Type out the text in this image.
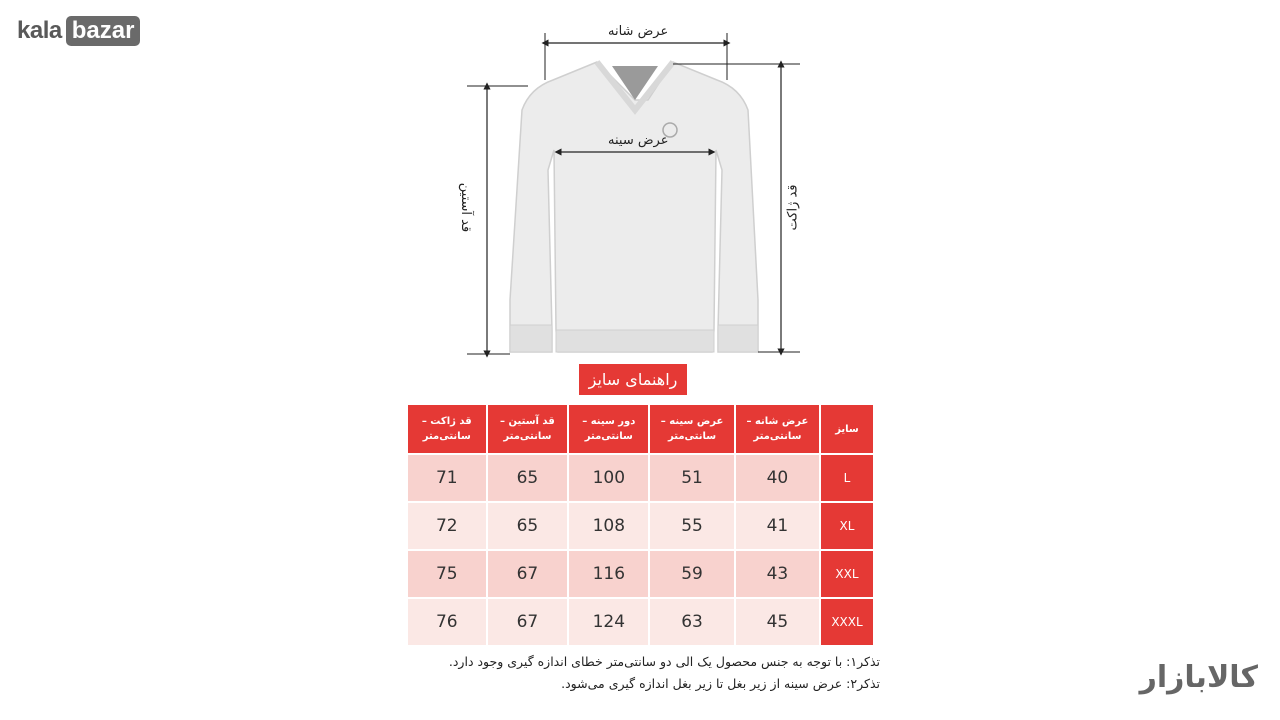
kala bazar
کالابازار
عرض شانه
عرض سینه
قد آستین	قد ژاکت
راهنمای سایز
سایز	عرض شانه – سانتی‌متر	عرض سینه – سانتی‌متر	دور سینه – سانتی‌متر	قد آستین – سانتی‌متر	قد ژاکت – سانتی‌متر
L	40	51	100	65	71
XL	41	55	108	65	72
XXL	43	59	116	67	75
XXXL	45	63	124	67	76
تذکر۱: با توجه به جنس محصول یک الی دو سانتی‌متر خطای اندازه گیری وجود دارد.
تذکر۲: عرض سینه از زیر بغل تا زیر بغل اندازه گیری می‌شود.
